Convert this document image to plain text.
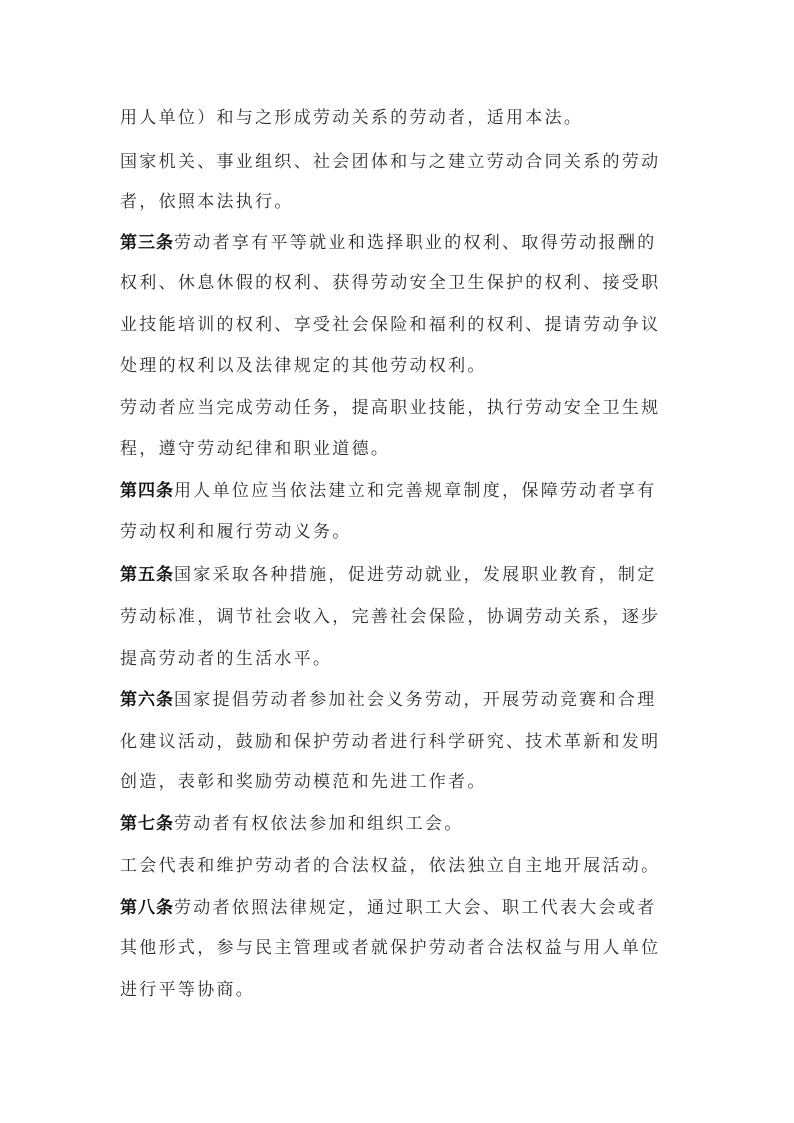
用人单位）和与之形成劳动关系的劳动者，适用本法。
国家机关、事业组织、社会团体和与之建立劳动合同关系的劳动
者，依照本法执行。
第三条劳动者享有平等就业和选择职业的权利、取得劳动报酬的
权利、休息休假的权利、获得劳动安全卫生保护的权利、接受职
业技能培训的权利、享受社会保险和福利的权利、提请劳动争议
处理的权利以及法律规定的其他劳动权利。
劳动者应当完成劳动任务，提高职业技能，执行劳动安全卫生规
程，遵守劳动纪律和职业道德。
第四条用人单位应当依法建立和完善规章制度，保障劳动者享有
劳动权利和履行劳动义务。
第五条国家采取各种措施，促进劳动就业，发展职业教育，制定
劳动标准，调节社会收入，完善社会保险，协调劳动关系，逐步
提高劳动者的生活水平。
第六条国家提倡劳动者参加社会义务劳动，开展劳动竞赛和合理
化建议活动，鼓励和保护劳动者进行科学研究、技术革新和发明
创造，表彰和奖励劳动模范和先进工作者。
第七条劳动者有权依法参加和组织工会。
工会代表和维护劳动者的合法权益，依法独立自主地开展活动。
第八条劳动者依照法律规定，通过职工大会、职工代表大会或者
其他形式，参与民主管理或者就保护劳动者合法权益与用人单位
进行平等协商。
